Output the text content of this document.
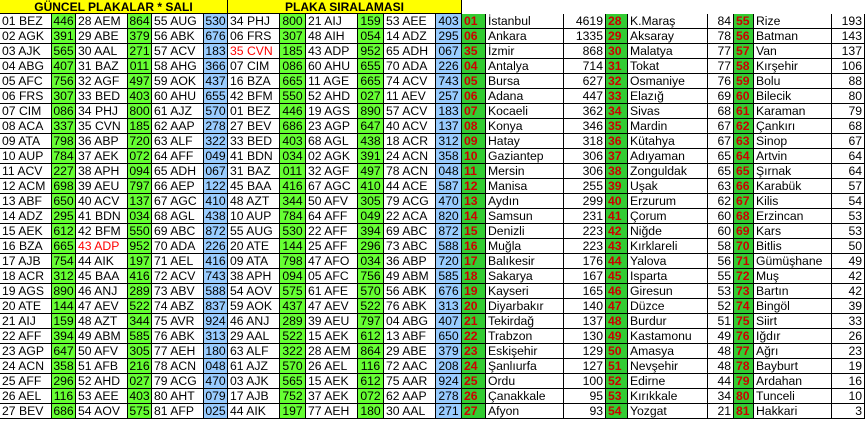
GÜNCEL PLAKALAR * SALI	PLAKA SIRALAMASI
01 BEZ 446 28 AEM 864 55 AUG 530 34 PHJ	800 21 AIJ	159 53 AEE 403
02 AGK 391 29 ABE 379 56 ABK 676 06 FRS 307 48 AIH	054 14 ADZ 295
03 AJK	565 30 AAL 271 57 ACV 183 35 CVN 185 43 ADP 952 65 ADH 067
04 ABG 407 31 BAZ 011 58 AHG 366 07 CIM	086 60 AHU 655 70 ADA 226
05 AFC 756 32 AGF 497 59 AOK 437 16 BZA 665 11 AGE 665 74 ACV 743
06 FRS 307 33 BED 403 60 AHU 655 42 BFM 550 52 AHD 027 11 AEV	257
07 CIM 086 34 PHJ 800 61 AJZ	570 01 BEZ 446 19 AGS 890 57 ACV 183
08 ACA 337 35 CVN 185 62 AAP 278 27 BEV 686 23 AGP 647 40 ACV 137
09 ATA	798 36 ABP 720 63 ALF	322 33 BED 403 68 AGL 438 18 ACR 312
10 AUP 784 37 AEK 072 64 AFF 049 41 BDN 034 02 AGK 391 24 ACN 358
11 ACV 227 38 APH 094 65 ADH 067 31 BAZ 011 32 AGF 497 78 ACN 048
12 ACM 698 39 AEU 797 66 AEP 122 45 BAA 416 67 AGC 410 44 ACE 587
13 ABF 650 40 ACV 137 67 AGC 410 48 AZT	344 50 AFV	305 79 ACG 470
14 ADZ 295 41 BDN 034 68 AGL 438 10 AUP 784 64 AFF	049 22 ACA 820
15 AEK 612 42 BFM 550 69 ABC 872 55 AUG 530 22 AFF	394 69 ABC 872
16 BZA 665 43 ADP 952 70 ADA 226 20 ATE	144 25 AFF	296 73 ABC 588
17 AJB	754 44 AIK	197 71 AEL 416 09 ATA	798 47 AFO 034 36 ABP 720
18 ACR 312 45 BAA 416 72 ACV 743 38 APH 094 05 AFC 756 49 ABM 585
19 AGS 890 46 ANJ 289 73 ABV 588 54 AOV 575 61 AFE	570 56 ABK 676
20 ATE	144 47 AEV 522 74 ABZ 837 59 AOK 437 47 AEV 522 76 ABK 313
21 AIJ	159 48 AZT 344 75 AVR 924 46 ANJ	289 39 AEU 797 04 ABG 407
22 AFF 394 49 ABM 585 76 ABK 313 29 AAL	522 15 AEK 612 13 ABF	650
23 AGP 647 50 AFV 305 77 AEH 180 63 ALF	322 28 AEM 864 29 ABE 379
24 ACN 358 51 AFB 216 78 ACN 048 61 AJZ	570 26 AEL	116 72 AAC 208
25 AFF 296 52 AHD 027 79 ACG 470 03 AJK	565 15 AEK 612 75 AAR 924
26 AEL	116 53 AEE 403 80 AHT 079 17 AJB	752 37 AEK 072 62 AAP 278
27 BEV 686 54 AOV 575 81 AFP 025 44 AIK	197 77 AEH 180 30 AAL	271
01 İstanbul	4619 28 K.Maraş	84 55 Rize	193
06 Ankara	1335 29 Aksaray	78 56 Batman	143
35 İzmir	868 30 Malatya	77 57 Van	137
04 Antalya	714 31 Tokat	77 58 Kırşehir	106
05 Bursa	627 32 Osmaniye	76 59 Bolu	88
06 Adana	447 33 Elazığ	69 60 Bilecik	80
07 Kocaeli	362 34 Sivas	68 61 Karaman	79
08 Konya	346 35 Mardin	67 62 Çankırı	68
09 Hatay	318 36 Kütahya	67 63 Sinop	67
10 Gaziantep	306 37 Adıyaman	65 64 Artvin	64
11 Mersin	306 38 Zonguldak	65 65 Şırnak	64
12 Manisa	255 39 Uşak	63 66 Karabük	57
13 Aydın	299 40 Erzurum	62 67 Kilis	54
14 Samsun	231 41 Çorum	60 68 Erzincan	53
15 Denizli	223 42 Niğde	60 69 Kars	53
16 Muğla	223 43 Kırklareli	58 70 Bitlis	50
17 Balıkesir	176 44 Yalova	56 71 Gümüşhane	49
18 Sakarya	167 45 Isparta	55 72 Muş	42
19 Kayseri	165 46 Giresun	53 73 Bartın	42
20 Diyarbakır	140 47 Düzce	52 74 Bingöl	39
21 Tekirdağ	137 48 Burdur	51 75 Siirt	33
22 Trabzon	130 49 Kastamonu	49 76 Iğdır	26
23 Eskişehir	129 50 Amasya	48 77 Ağrı	23
24 Şanlıurfa	127 51 Nevşehir	48 78 Bayburt	19
25 Ordu	100 52 Edirne	44 79 Ardahan	16
26 Çanakkale	95 53 Kırıkkale	34 80 Tunceli	10
27 Afyon	93 54 Yozgat	21 81 Hakkari	3
